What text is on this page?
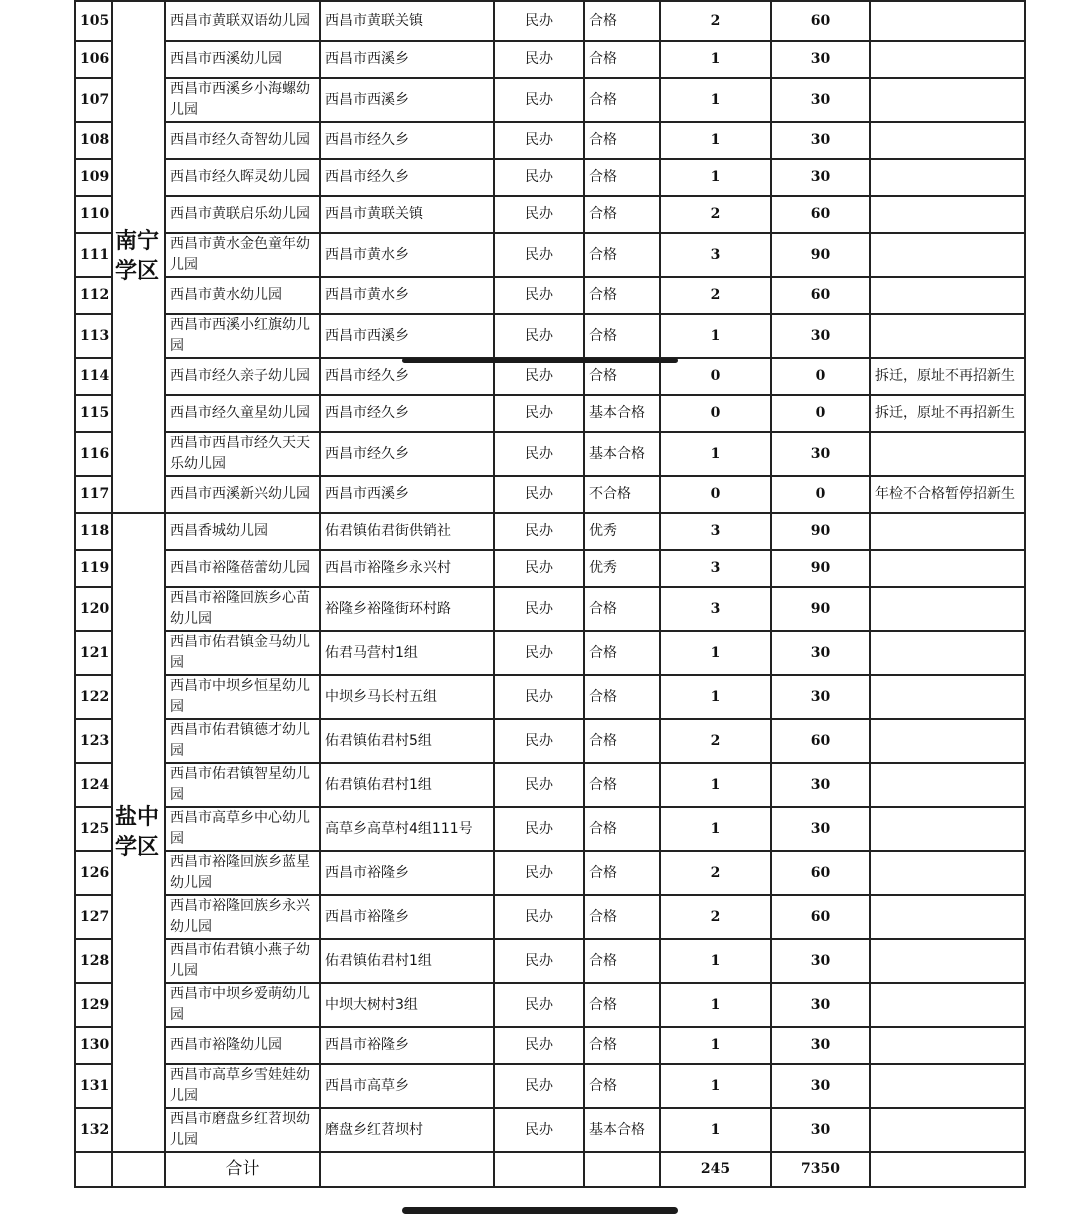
105	南宁学区	西昌市黄联双语幼儿园	西昌市黄联关镇	民办	合格	2	60	
106		西昌市西溪幼儿园	西昌市西溪乡	民办	合格	1	30	
107		西昌市西溪乡小海螺幼儿园	西昌市西溪乡	民办	合格	1	30	
108		西昌市经久奇智幼儿园	西昌市经久乡	民办	合格	1	30	
109		西昌市经久晖灵幼儿园	西昌市经久乡	民办	合格	1	30	
110		西昌市黄联启乐幼儿园	西昌市黄联关镇	民办	合格	2	60	
111		西昌市黄水金色童年幼儿园	西昌市黄水乡	民办	合格	3	90	
112		西昌市黄水幼儿园	西昌市黄水乡	民办	合格	2	60	
113		西昌市西溪小红旗幼儿园	西昌市西溪乡	民办	合格	1	30	
114		西昌市经久亲子幼儿园	西昌市经久乡	民办	合格	0	0	拆迁，原址不再招新生
115		西昌市经久童星幼儿园	西昌市经久乡	民办	基本合格	0	0	拆迁，原址不再招新生
116		西昌市西昌市经久天天乐幼儿园	西昌市经久乡	民办	基本合格	1	30	
117		西昌市西溪新兴幼儿园	西昌市西溪乡	民办	不合格	0	0	年检不合格暂停招新生
118	盐中学区	西昌香城幼儿园	佑君镇佑君街供销社	民办	优秀	3	90	
119		西昌市裕隆蓓蕾幼儿园	西昌市裕隆乡永兴村	民办	优秀	3	90	
120		西昌市裕隆回族乡心苗幼儿园	裕隆乡裕隆街环村路	民办	合格	3	90	
121		西昌市佑君镇金马幼儿园	佑君马营村1组	民办	合格	1	30	
122		西昌市中坝乡恒星幼儿园	中坝乡马长村五组	民办	合格	1	30	
123		西昌市佑君镇德才幼儿园	佑君镇佑君村5组	民办	合格	2	60	
124		西昌市佑君镇智星幼儿园	佑君镇佑君村1组	民办	合格	1	30	
125		西昌市高草乡中心幼儿园	高草乡高草村4组111号	民办	合格	1	30	
126		西昌市裕隆回族乡蓝星幼儿园	西昌市裕隆乡	民办	合格	2	60	
127		西昌市裕隆回族乡永兴幼儿园	西昌市裕隆乡	民办	合格	2	60	
128		西昌市佑君镇小燕子幼儿园	佑君镇佑君村1组	民办	合格	1	30	
129		西昌市中坝乡爱萌幼儿园	中坝大树村3组	民办	合格	1	30	
130		西昌市裕隆幼儿园	西昌市裕隆乡	民办	合格	1	30	
131		西昌市高草乡雪娃娃幼儿园	西昌市高草乡	民办	合格	1	30	
132		西昌市磨盘乡红苕坝幼儿园	磨盘乡红苕坝村	民办	基本合格	1	30	
		合计				245	7350	
